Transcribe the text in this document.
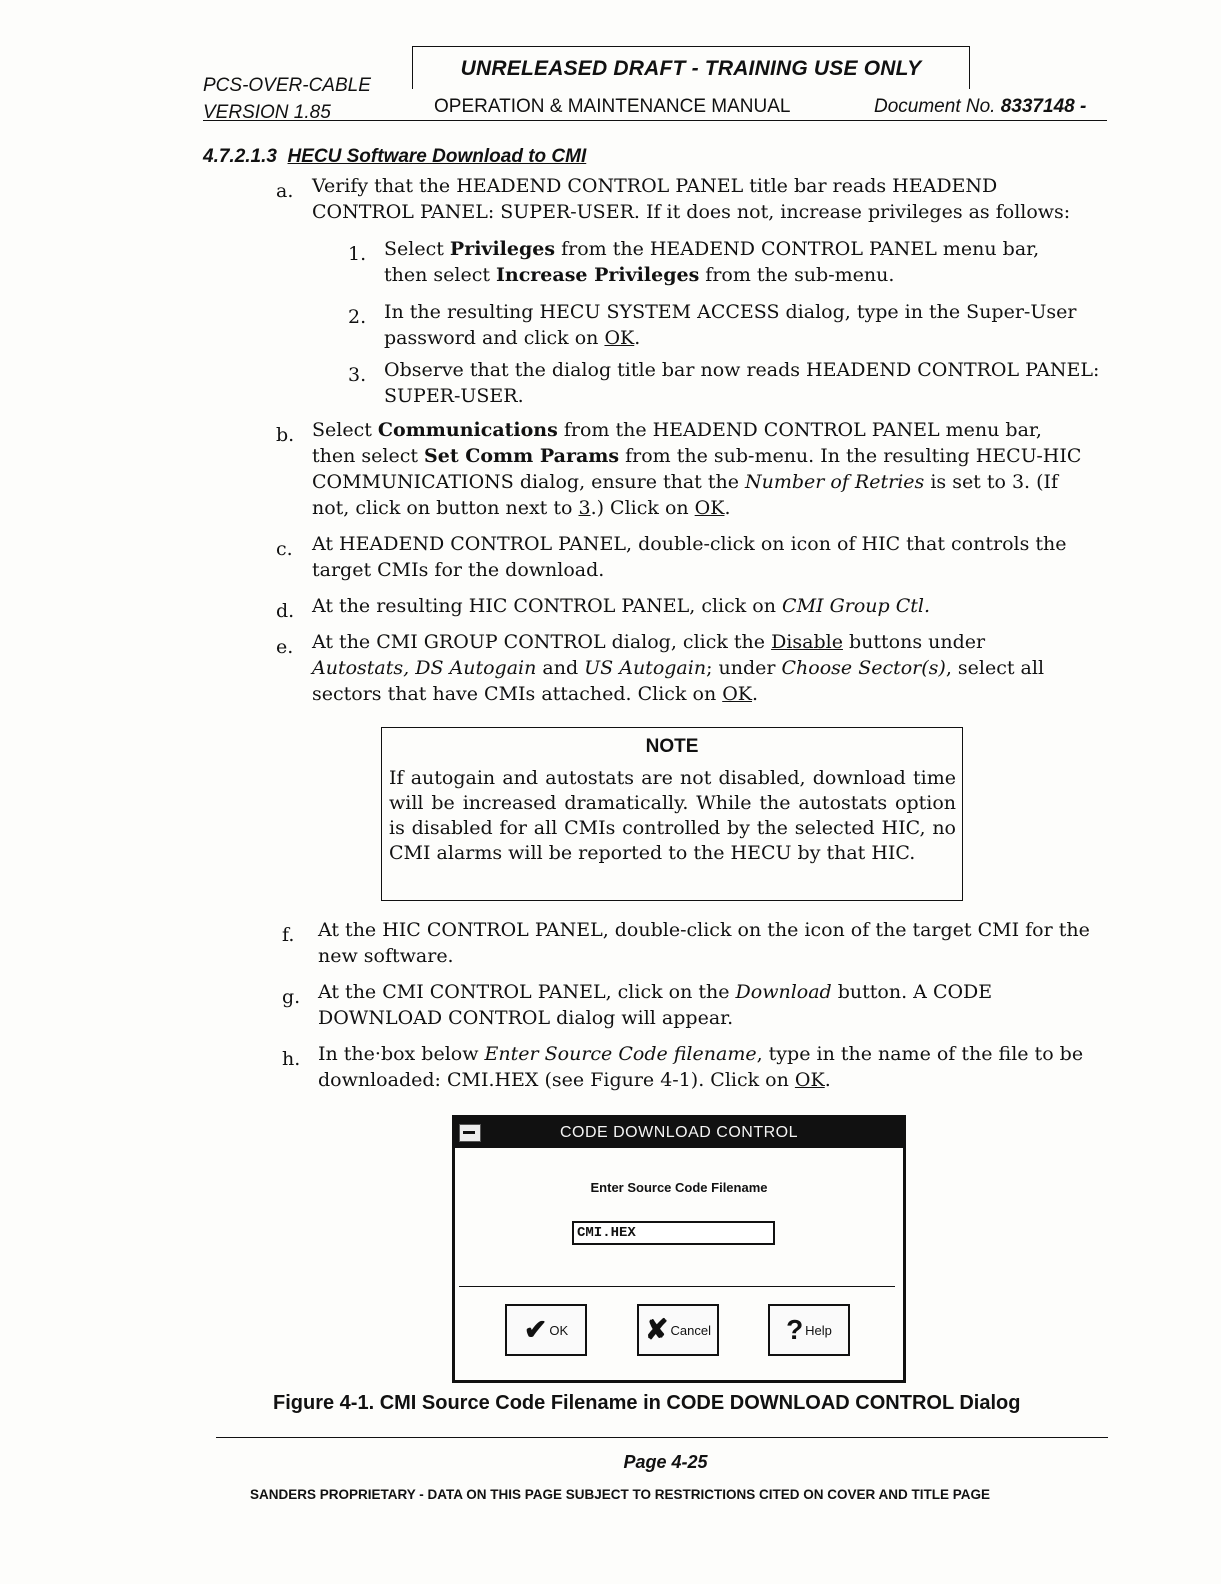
PCS-OVER-CABLE
VERSION 1.85
UNRELEASED DRAFT - TRAINING USE ONLY
OPERATION & MAINTENANCE MANUAL	Document No. 8337148 -
4.7.2.1.3 HECU Software Download to CMI
a. Verify that the HEADEND CONTROL PANEL title bar reads HEADEND
CONTROL PANEL: SUPER-USER. If it does not, increase privileges as follows:
1. Select Privileges from the HEADEND CONTROL PANEL menu bar,
then select Increase Privileges from the sub-menu.
2. In the resulting HECU SYSTEM ACCESS dialog, type in the Super-User
password and click on OK.
3. Observe that the dialog title bar now reads HEADEND CONTROL PANEL:
SUPER-USER.
b. Select Communications from the HEADEND CONTROL PANEL menu bar,
then select Set Comm Params from the sub-menu. In the resulting HECU-HIC
COMMUNICATIONS dialog, ensure that the Number of Retries is set to 3. (If
not, click on button next to 3.) Click on OK.
c. At HEADEND CONTROL PANEL, double-click on icon of HIC that controls the
target CMIs for the download.
d. At the resulting HIC CONTROL PANEL, click on CMI Group Ctl.
e. At the CMI GROUP CONTROL dialog, click the Disable buttons under
Autostats, DS Autogain and US Autogain; under Choose Sector(s), select all
sectors that have CMIs attached. Click on OK.
NOTE
If autogain and autostats are not disabled, download time will be increased dramatically. While the autostats option is disabled for all CMIs controlled by the selected HIC, no CMI alarms will be reported to the HECU by that HIC.
f. At the HIC CONTROL PANEL, double-click on the icon of the target CMI for the
new software.
g. At the CMI CONTROL PANEL, click on the Download button. A CODE
DOWNLOAD CONTROL dialog will appear.
h. In the·box below Enter Source Code filename, type in the name of the file to be
downloaded: CMI.HEX (see Figure 4-1). Click on OK.
CODE DOWNLOAD CONTROL
Enter Source Code Filename
CMI.HEX
✔ OK	✘ Cancel	? Help
Figure 4-1. CMI Source Code Filename in CODE DOWNLOAD CONTROL Dialog
Page 4-25
SANDERS PROPRIETARY - DATA ON THIS PAGE SUBJECT TO RESTRICTIONS CITED ON COVER AND TITLE PAGE
